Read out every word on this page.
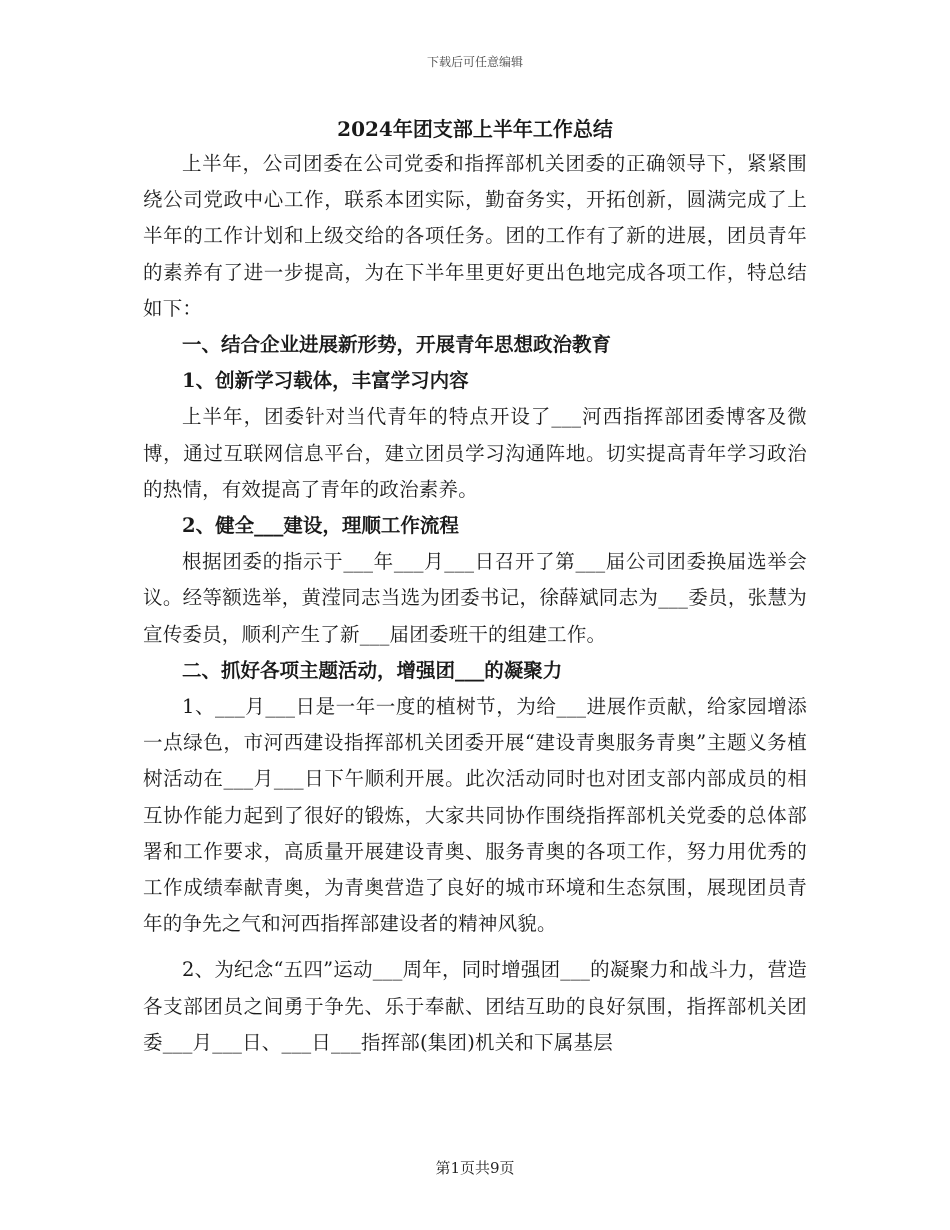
下载后可任意编辑
2024年团支部上半年工作总结

上半年，公司团委在公司党委和指挥部机关团委的正确领导下，紧紧围绕公司党政中心工作，联系本团实际，勤奋务实，开拓创新，圆满完成了上半年的工作计划和上级交给的各项任务。团的工作有了新的进展，团员青年的素养有了进一步提高，为在下半年里更好更出色地完成各项工作，特总结如下：

一、结合企业进展新形势，开展青年思想政治教育

1、创新学习载体，丰富学习内容

上半年，团委针对当代青年的特点开设了___河西指挥部团委博客及微博，通过互联网信息平台，建立团员学习沟通阵地。切实提高青年学习政治的热情，有效提高了青年的政治素养。

2、健全___建设，理顺工作流程

根据团委的指示于___年___月___日召开了第___届公司团委换届选举会议。经等额选举，黄滢同志当选为团委书记，徐薛斌同志为___委员，张慧为宣传委员，顺利产生了新___届团委班干的组建工作。

二、抓好各项主题活动，增强团___的凝聚力

1、___月___日是一年一度的植树节，为给___进展作贡献，给家园增添一点绿色，市河西建设指挥部机关团委开展“建设青奥服务青奥”主题义务植树活动在___月___日下午顺利开展。此次活动同时也对团支部内部成员的相互协作能力起到了很好的锻炼，大家共同协作围绕指挥部机关党委的总体部署和工作要求，高质量开展建设青奥、服务青奥的各项工作，努力用优秀的工作成绩奉献青奥，为青奥营造了良好的城市环境和生态氛围，展现团员青年的争先之气和河西指挥部建设者的精神风貌。

2、为纪念“五四”运动___周年，同时增强团___的凝聚力和战斗力，营造各支部团员之间勇于争先、乐于奉献、团结互助的良好氛围，指挥部机关团委___月___日、___日___指挥部(集团)机关和下属基层

第1页共9页
